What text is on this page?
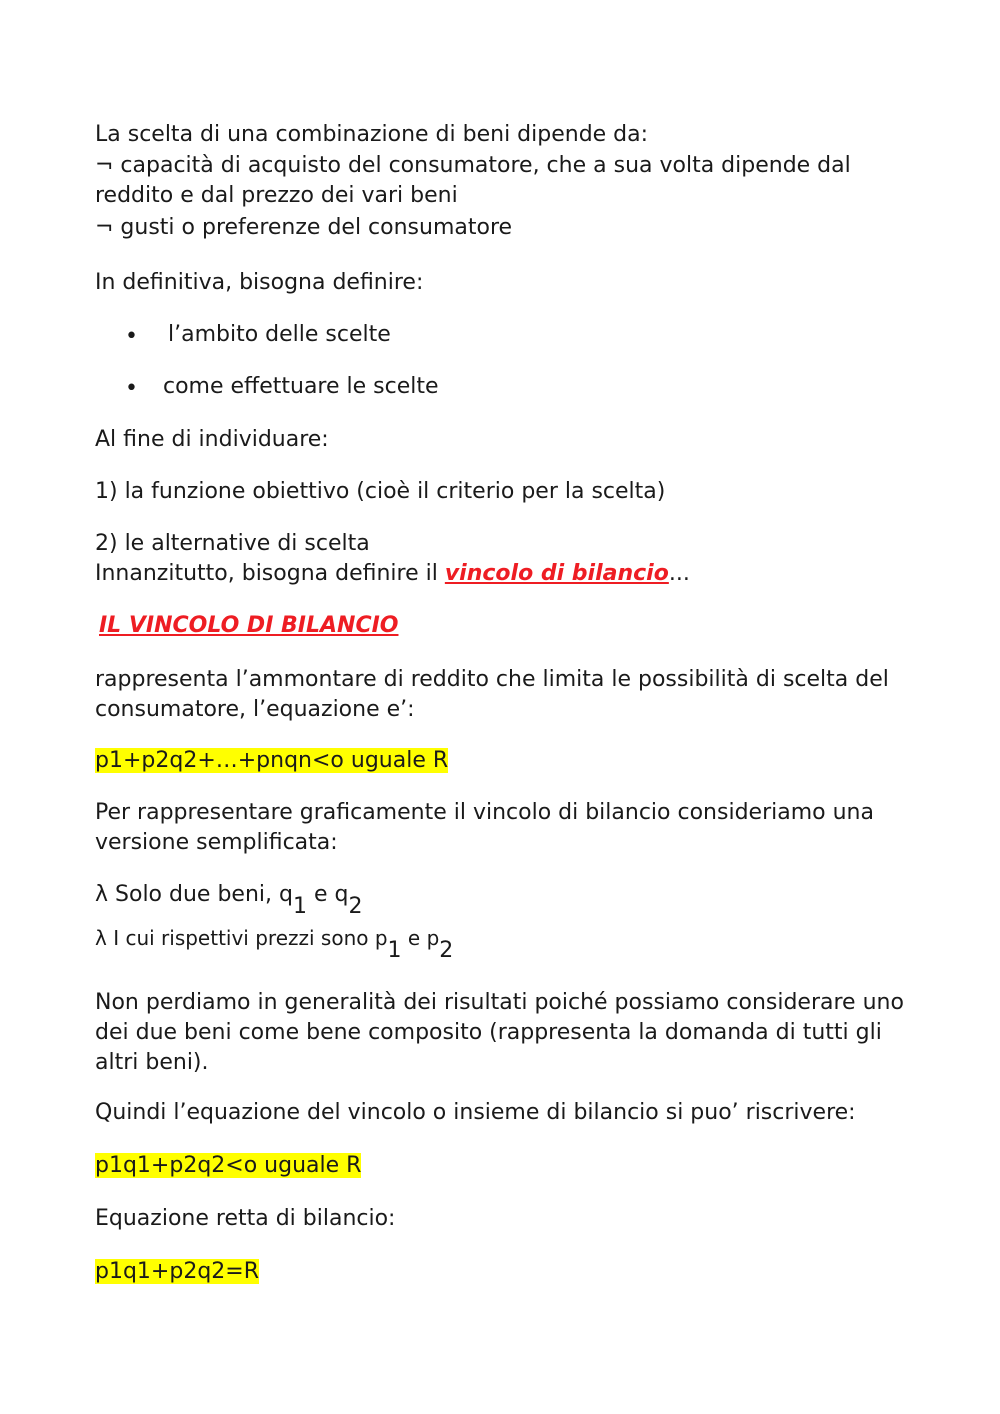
La scelta di una combinazione di beni dipende da:

¬ capacità di acquisto del consumatore, che a sua volta dipende dal reddito e dal prezzo dei vari beni

¬ gusti o preferenze del consumatore

In definitiva, bisogna definire:

• l’ambito delle scelte

• come effettuare le scelte

Al fine di individuare:

1) la funzione obiettivo (cioè il criterio per la scelta)

2) le alternative di scelta

Innanzitutto, bisogna definire il vincolo di bilancio...

IL VINCOLO DI BILANCIO

rappresenta l’ammontare di reddito che limita le possibilità di scelta del consumatore, l’equazione e’:

p1+p2q2+…+pnqn<o uguale R

Per rappresentare graficamente il vincolo di bilancio consideriamo una versione semplificata:

λ Solo due beni, q1 e q2

λ I cui rispettivi prezzi sono p1 e p2

Non perdiamo in generalità dei risultati poiché possiamo considerare uno dei due beni come bene composito (rappresenta la domanda di tutti gli altri beni).

Quindi l’equazione del vincolo o insieme di bilancio si puo’ riscrivere:

p1q1+p2q2<o uguale R

Equazione retta di bilancio:

p1q1+p2q2=R
